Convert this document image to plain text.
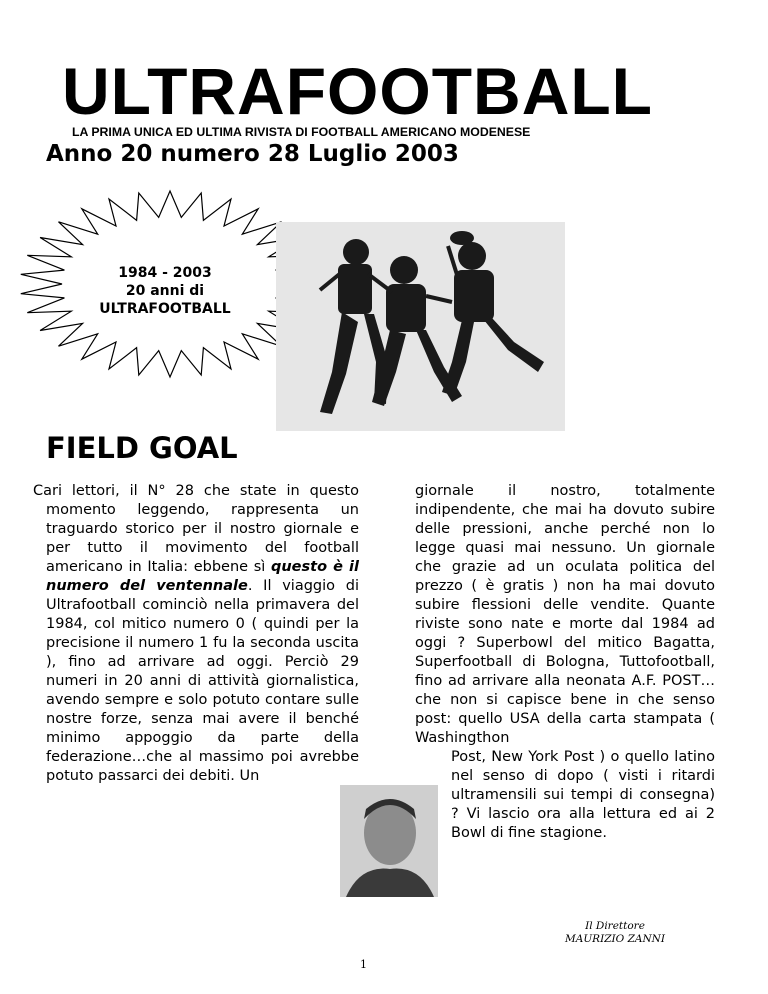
ULTRAFOOTBALL
LA PRIMA UNICA ED ULTIMA RIVISTA DI FOOTBALL AMERICANO MODENESE
Anno 20 numero 28 Luglio 2003
1984 - 2003
20 anni di
ULTRAFOOTBALL
FIELD GOAL
Cari lettori, il N° 28 che state in questo momento leggendo, rappresenta un traguardo storico per il nostro giornale e per tutto il movimento del football americano in Italia: ebbene sì questo è il numero del ventennale. Il viaggio di Ultrafootball cominciò nella primavera del 1984, col mitico numero 0 ( quindi per la precisione il numero 1 fu la seconda uscita ), fino ad arrivare ad oggi. Perciò 29 numeri in 20 anni di attività giornalistica, avendo sempre e solo potuto contare sulle nostre forze, senza mai avere il benché minimo appoggio da parte della federazione…che al massimo poi avrebbe potuto passarci dei debiti. Un
giornale il nostro, totalmente indipendente, che mai ha dovuto subire delle pressioni, anche perché non lo legge quasi mai nessuno. Un giornale che grazie ad un oculata politica del prezzo ( è gratis ) non ha mai dovuto subire flessioni delle vendite. Quante riviste sono nate e morte dal 1984 ad oggi ? Superbowl del mitico Bagatta, Superfootball di Bologna, Tuttofootball, fino ad arrivare alla neonata A.F. POST…che non si capisce bene in che senso post: quello USA della carta stampata ( Washingthon
Post, New York Post ) o quello latino nel senso di dopo ( visti i ritardi ultramensili sui tempi di consegna) ? Vi lascio ora alla lettura ed ai 2 Bowl di fine stagione.
1
Il Direttore
MAURIZIO ZANNI
